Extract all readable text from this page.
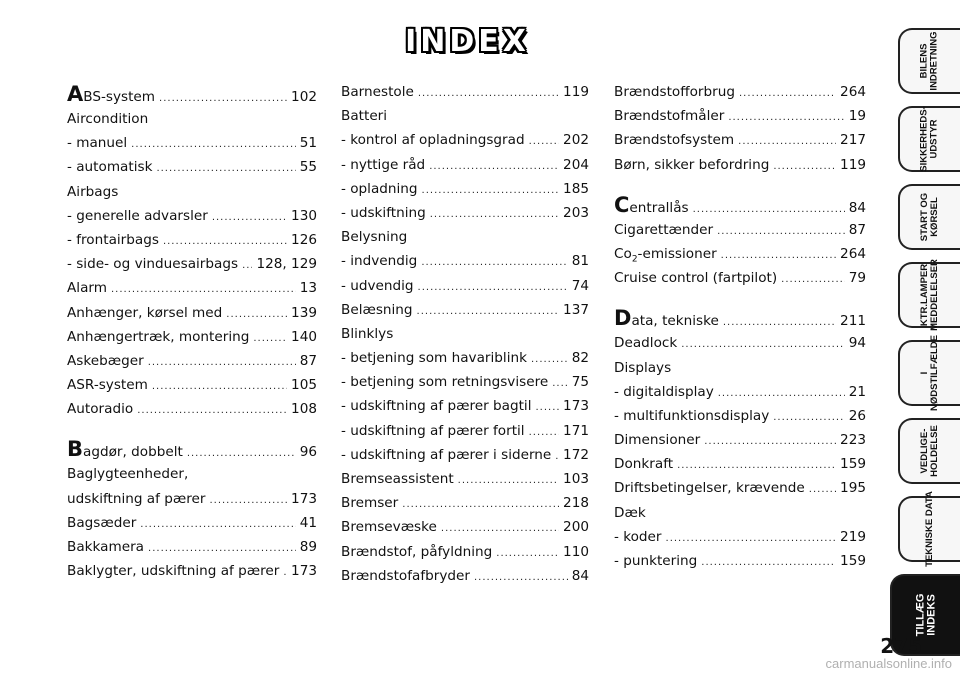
INDEX
ABS-system .....	102
Aircondition
- manuel .....	51
- automatisk .....	55
Airbags
- generelle advarsler .....	130
- frontairbags .....	126
- side- og vinduesairbags ..... 128, 129
Alarm .....	13
Anhænger, kørsel med .....	139
Anhængertræk, montering .....	140
Askebæger .....	87
ASR-system .....	105
Autoradio .....	108
Bagdør, dobbelt .....	96
Baglygteenheder,
udskiftning af pærer .....	173
Bagsæder .....	41
Bakkamera .....	89
Baklygter, udskiftning af pærer ..... 173
Barnestole .....	119
Batteri
- kontrol af opladningsgrad .....	202
- nyttige råd .....	204
- opladning .....	185
- udskiftning .....	203
Belysning
- indvendig .....	81
- udvendig .....	74
Belæsning .....	137
Blinklys
- betjening som havariblink .....	82
- betjening som retningsvisere ..... 75
- udskiftning af pærer bagtil ..... 173
- udskiftning af pærer fortil .....	171
- udskiftning af pærer i siderne ..... 172
Bremseassistent .....	103
Bremser .....	218
Bremsevæske .....	200
Brændstof, påfyldning .....	110
Brændstofafbryder .....	84
Brændstofforbrug .....	264
Brændstofmåler .....	19
Brændstofsystem .....	217
Børn, sikker befordring .....	119
Centrallås .....	84
Cigarettænder .....	87
$Co_2$-emissioner .....	264
Cruise control (fartpilot) .....	79
Data, tekniske .....	211
Deadlock .....	94
Displays
- digitaldisplay .....	21
- multifunktionsdisplay .....	26
Dimensioner .....	223
Donkraft .....	159
Driftsbetingelser, krævende .....	195
Dæk
- koder .....	219
- punktering .....	159
BILENS
INDRETNING
SIKKERHEDS-
UDSTYR
START OG
KØRSEL
KTR.LAMPER
MEDDELELSER
I
NØDSTILFÆLDE
VEDLIGE-
HOLDELSE
TEKNISKE DATA
TILLÆG
INDEKS
275
carmanualsonline.info
